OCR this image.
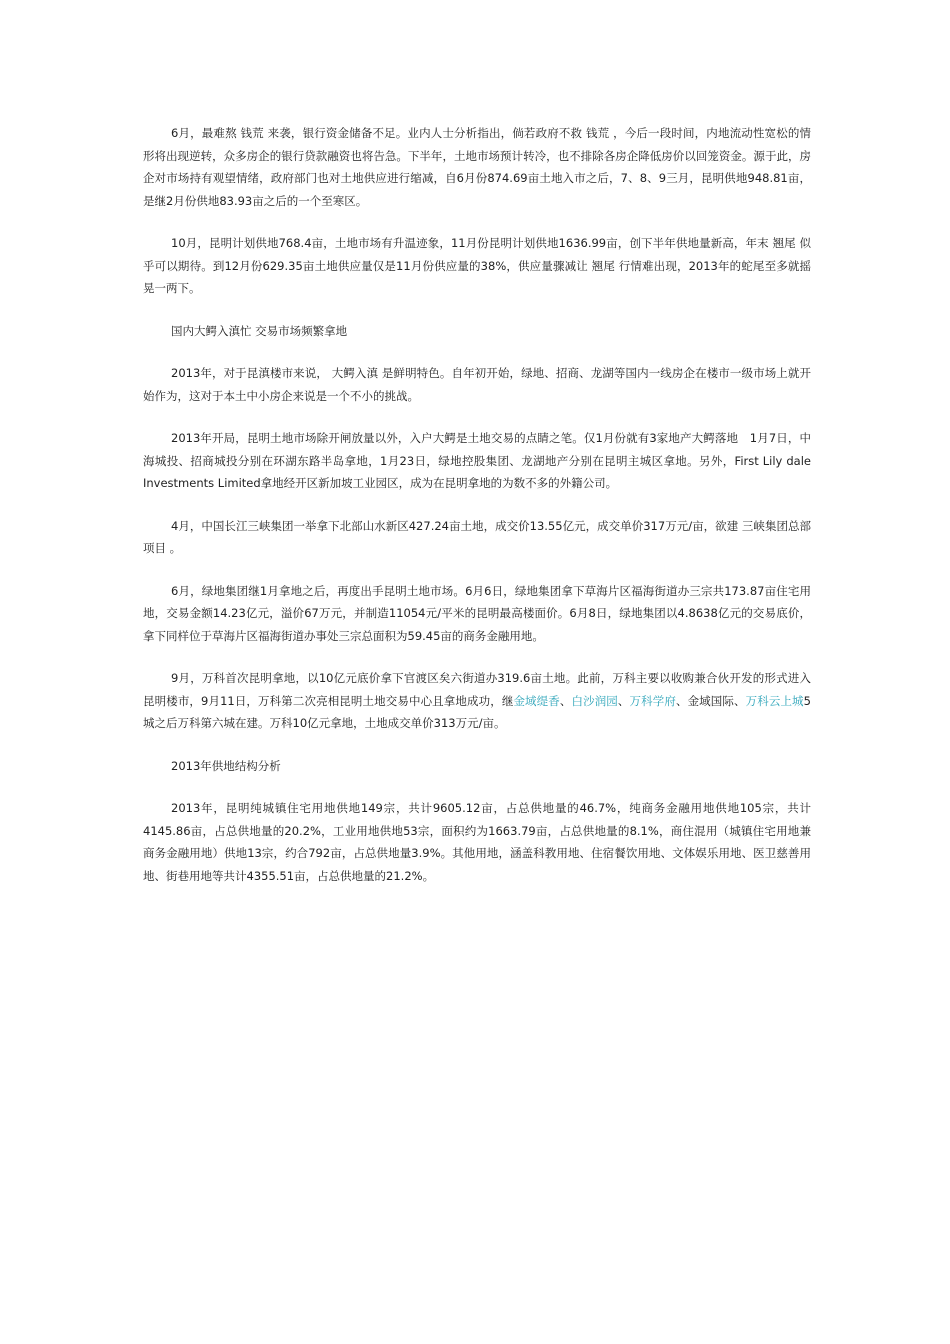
6月，最难熬 钱荒 来袭，银行资金储备不足。业内人士分析指出，倘若政府不救 钱荒 ，今后一段时间，内地流动性宽松的情形将出现逆转，众多房企的银行贷款融资也将告急。下半年，土地市场预计转冷，也不排除各房企降低房价以回笼资金。源于此，房企对市场持有观望情绪，政府部门也对土地供应进行缩减，自6月份874.69亩土地入市之后，7、8、9三月，昆明供地948.81亩，是继2月份供地83.93亩之后的一个至寒区。

10月，昆明计划供地768.4亩，土地市场有升温迹象，11月份昆明计划供地1636.99亩，创下半年供地量新高，年末 翘尾 似乎可以期待。到12月份629.35亩土地供应量仅是11月份供应量的38%，供应量骤减让 翘尾 行情难出现，2013年的蛇尾至多就摇晃一两下。

国内大鳄入滇忙 交易市场频繁拿地

2013年，对于昆滇楼市来说， 大鳄入滇 是鲜明特色。自年初开始，绿地、招商、龙湖等国内一线房企在楼市一级市场上就开始作为，这对于本土中小房企来说是一个不小的挑战。

2013年开局，昆明土地市场除开闸放量以外，入户大鳄是土地交易的点睛之笔。仅1月份就有3家地产大鳄落地　1月7日，中海城投、招商城投分别在环湖东路半岛拿地，1月23日，绿地控股集团、龙湖地产分别在昆明主城区拿地。另外，First Lily dale Investments Limited拿地经开区新加坡工业园区，成为在昆明拿地的为数不多的外籍公司。

4月，中国长江三峡集团一举拿下北部山水新区427.24亩土地，成交价13.55亿元，成交单价317万元/亩，欲建 三峡集团总部项目 。

6月，绿地集团继1月拿地之后，再度出手昆明土地市场。6月6日，绿地集团拿下草海片区福海街道办三宗共173.87亩住宅用地，交易金额14.23亿元，溢价67万元，并制造11054元/平米的昆明最高楼面价。6月8日，绿地集团以4.8638亿元的交易底价，拿下同样位于草海片区福海街道办事处三宗总面积为59.45亩的商务金融用地。

9月，万科首次昆明拿地，以10亿元底价拿下官渡区矣六街道办319.6亩土地。此前，万科主要以收购兼合伙开发的形式进入昆明楼市，9月11日，万科第二次亮相昆明土地交易中心且拿地成功，继金域缇香、白沙润园、万科学府、金域国际、万科云上城5城之后万科第六城在建。万科10亿元拿地，土地成交单价313万元/亩。

2013年供地结构分析

2013年，昆明纯城镇住宅用地供地149宗，共计9605.12亩，占总供地量的46.7%，纯商务金融用地供地105宗，共计4145.86亩，占总供地量的20.2%，工业用地供地53宗，面积约为1663.79亩，占总供地量的8.1%，商住混用（城镇住宅用地兼商务金融用地）供地13宗，约合792亩，占总供地量3.9%。其他用地，涵盖科教用地、住宿餐饮用地、文体娱乐用地、医卫慈善用地、街巷用地等共计4355.51亩，占总供地量的21.2%。
